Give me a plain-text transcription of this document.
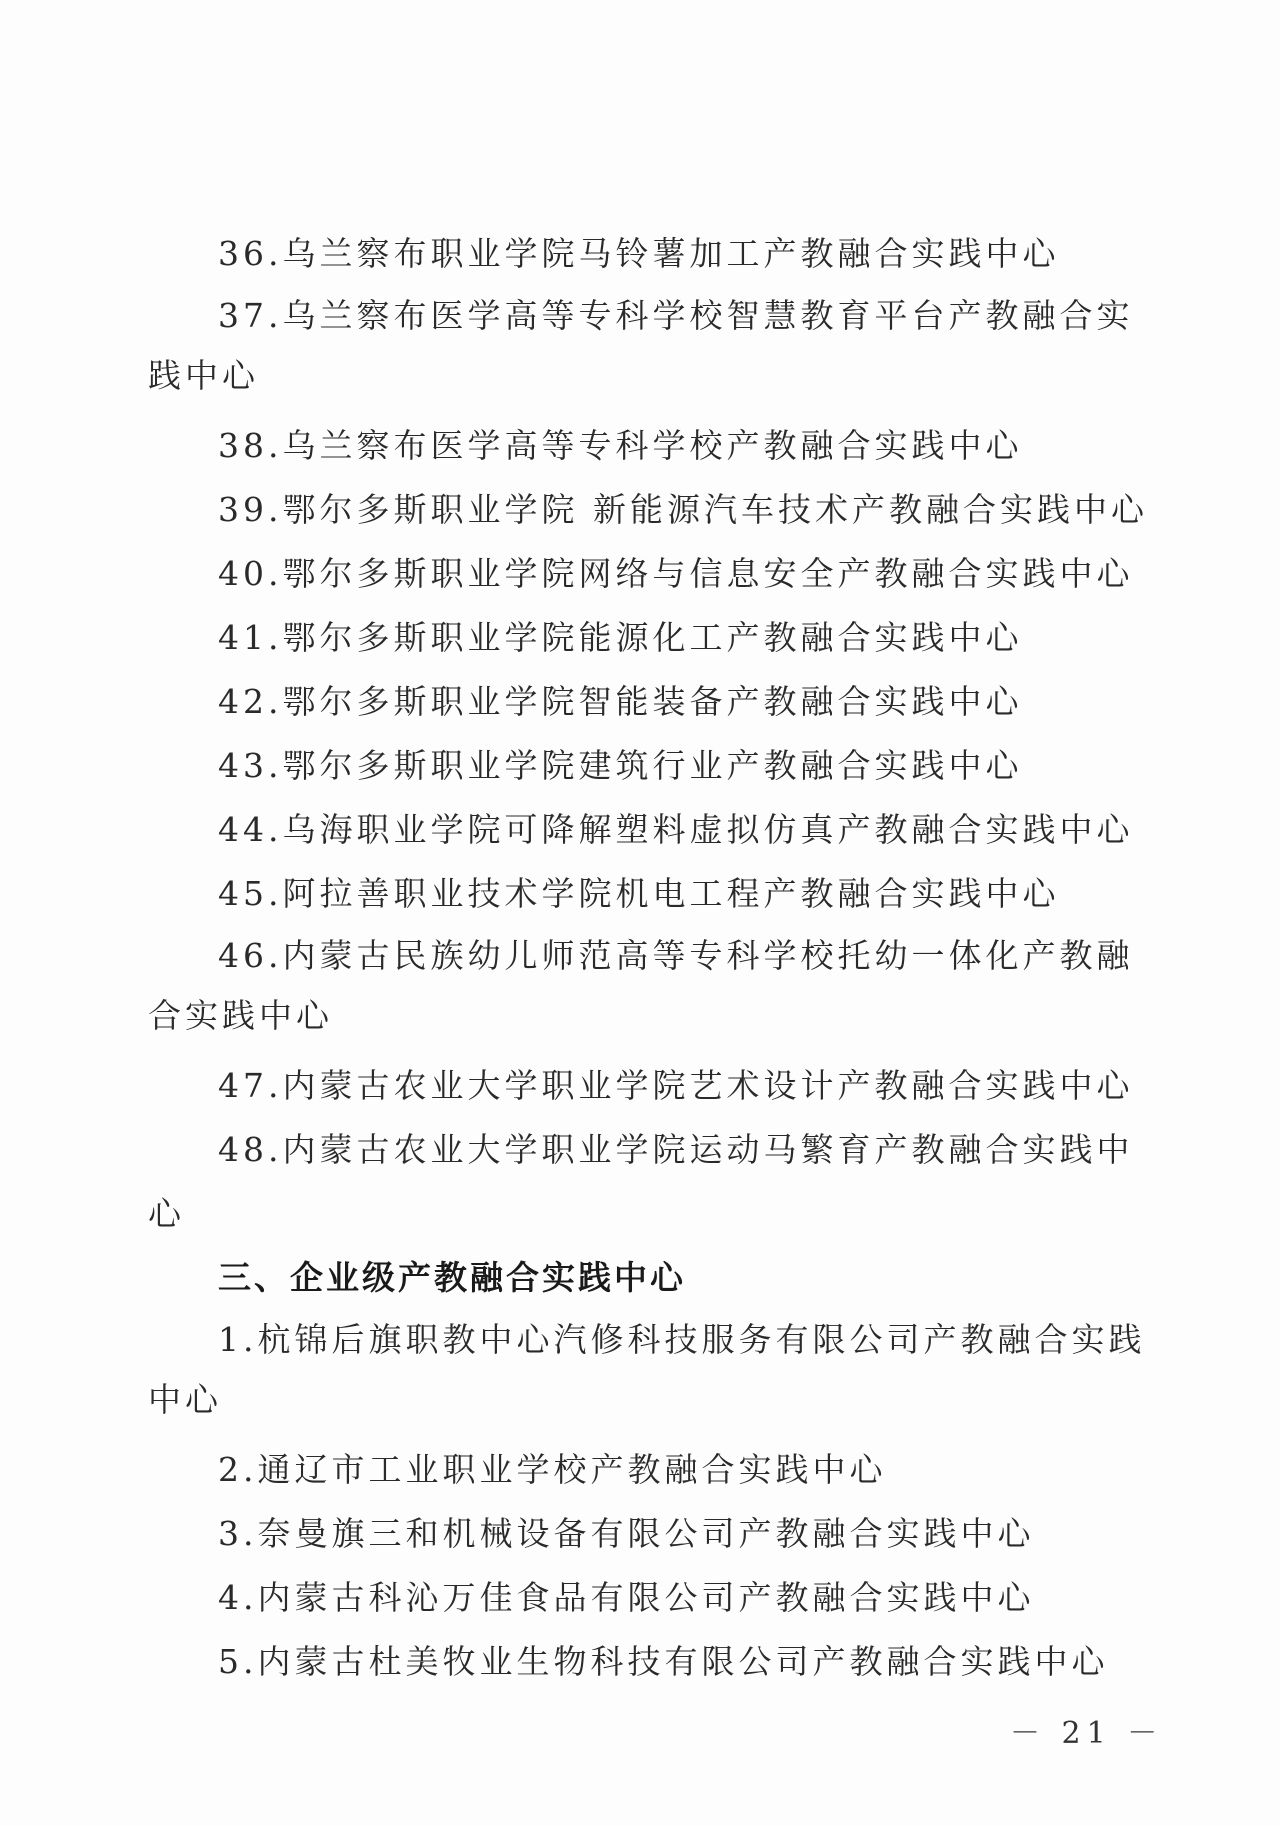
36.乌兰察布职业学院马铃薯加工产教融合实践中心

37.乌兰察布医学高等专科学校智慧教育平台产教融合实践中心

38.乌兰察布医学高等专科学校产教融合实践中心

39.鄂尔多斯职业学院 新能源汽车技术产教融合实践中心

40.鄂尔多斯职业学院网络与信息安全产教融合实践中心

41.鄂尔多斯职业学院能源化工产教融合实践中心

42.鄂尔多斯职业学院智能装备产教融合实践中心

43.鄂尔多斯职业学院建筑行业产教融合实践中心

44.乌海职业学院可降解塑料虚拟仿真产教融合实践中心

45.阿拉善职业技术学院机电工程产教融合实践中心

46.内蒙古民族幼儿师范高等专科学校托幼一体化产教融合实践中心

47.内蒙古农业大学职业学院艺术设计产教融合实践中心

48.内蒙古农业大学职业学院运动马繁育产教融合实践中心

三、企业级产教融合实践中心

1.杭锦后旗职教中心汽修科技服务有限公司产教融合实践中心

2.通辽市工业职业学校产教融合实践中心

3.奈曼旗三和机械设备有限公司产教融合实践中心

4.内蒙古科沁万佳食品有限公司产教融合实践中心

5.内蒙古杜美牧业生物科技有限公司产教融合实践中心

－ 21 －
